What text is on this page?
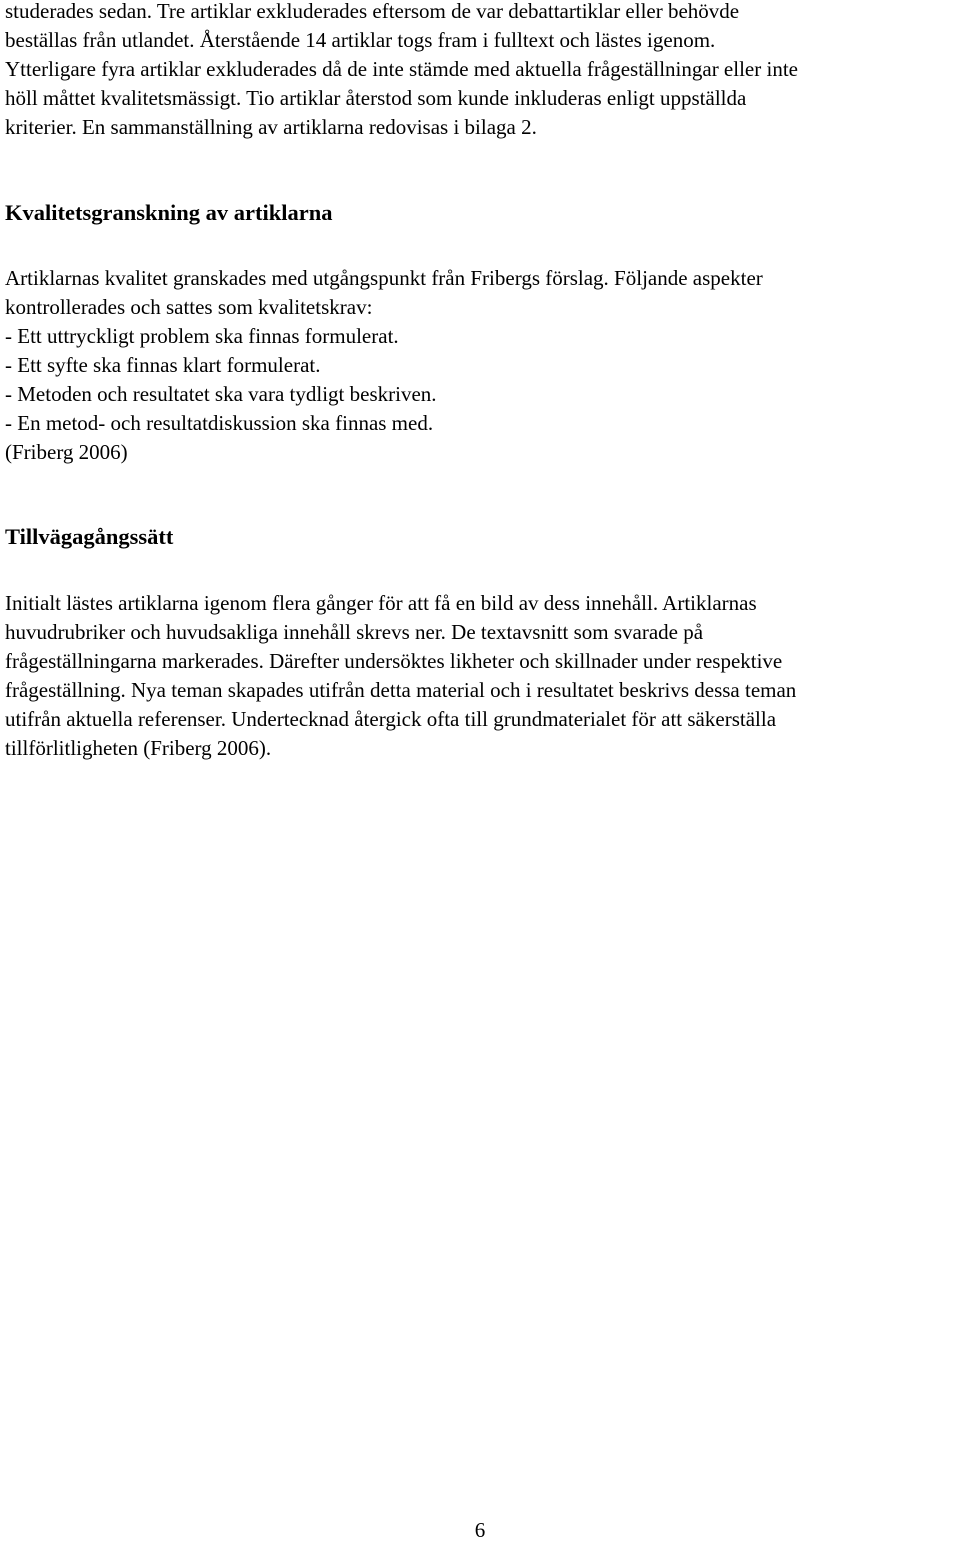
studerades sedan. Tre artiklar exkluderades eftersom de var debattartiklar eller behövde

beställas från utlandet. Återstående 14 artiklar togs fram i fulltext och lästes igenom.

Ytterligare fyra artiklar exkluderades då de inte stämde med aktuella frågeställningar eller inte

höll måttet kvalitetsmässigt. Tio artiklar återstod som kunde inkluderas enligt uppställda

kriterier. En sammanställning av artiklarna redovisas i bilaga 2.

Kvalitetsgranskning av artiklarna

Artiklarnas kvalitet granskades med utgångspunkt från Fribergs förslag. Följande aspekter

kontrollerades och sattes som kvalitetskrav:

- Ett uttryckligt problem ska finnas formulerat.

- Ett syfte ska finnas klart formulerat.

- Metoden och resultatet ska vara tydligt beskriven.

- En metod- och resultatdiskussion ska finnas med.

(Friberg 2006)

Tillvägagångssätt

Initialt lästes artiklarna igenom flera gånger för att få en bild av dess innehåll. Artiklarnas

huvudrubriker och huvudsakliga innehåll skrevs ner. De textavsnitt som svarade på

frågeställningarna markerades. Därefter undersöktes likheter och skillnader under respektive

frågeställning. Nya teman skapades utifrån detta material och i resultatet beskrivs dessa teman

utifrån aktuella referenser. Undertecknad återgick ofta till grundmaterialet för att säkerställa

tillförlitligheten (Friberg 2006).

6
